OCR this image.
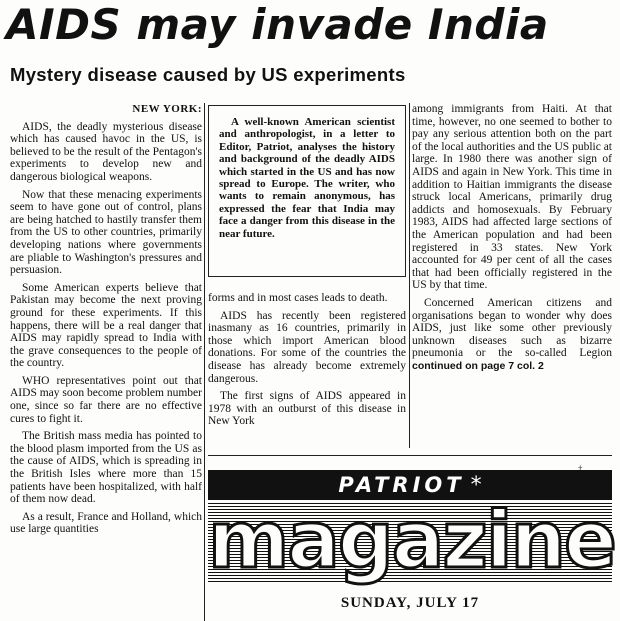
AIDS may invade India
Mystery disease caused by US experiments
NEW YORK:

AIDS, the deadly mysterious disease which has caused havoc in the US, is believed to be the result of the Pentagon's experiments to develop new and dangerous biological weapons.

Now that these menacing experiments seem to have gone out of control, plans are being hatched to hastily transfer them from the US to other countries, primarily developing nations where governments are pliable to Washington's pressures and persuasion.

Some American experts believe that Pakistan may become the next proving ground for these experiments. If this happens, there will be a real danger that AIDS may rapidly spread to India with the grave consequences to the people of the country.

WHO representatives point out that AIDS may soon become problem number one, since so far there are no effective cures to fight it.

The British mass media has pointed to the blood plasm imported from the US as the cause of AIDS, which is spreading in the British Isles where more than 15 patients have been hospitalized, with half of them now dead.

As a result, France and Holland, which use large quantities

A well-known American scientist and anthropologist, in a letter to Editor, Patriot, analyses the history and background of the deadly AIDS which started in the US and has now spread to Europe. The writer, who wants to remain anonymous, has expressed the fear that India may face a danger from this disease in the near future.

forms and in most cases leads to death.

AIDS has recently been registered inasmany as 16 countries, primarily in those which import American blood donations. For some of the countries the disease has already become extremely dangerous.

The first signs of AIDS appeared in 1978 with an outburst of this disease in New York

among immigrants from Haiti. At that time, however, no one seemed to bother to pay any serious attention both on the part of the local authorities and the US public at large. In 1980 there was another sign of AIDS and again in New York. This time in addition to Haitian immigrants the disease struck local Americans, primarily drug addicts and homosexuals. By February 1983, AIDS had affected large sections of the American population and had been registered in 33 states. New York accounted for 49 per cent of all the cases that had been officially registered in the US by that time.

Concerned American citizens and organisations began to wonder why does AIDS, just like some other previously unknown diseases such as bizarre pneumonia or the so-called Legion continued on page 7 col. 2

PATRIOT *
magazine
SUNDAY, JULY 17
